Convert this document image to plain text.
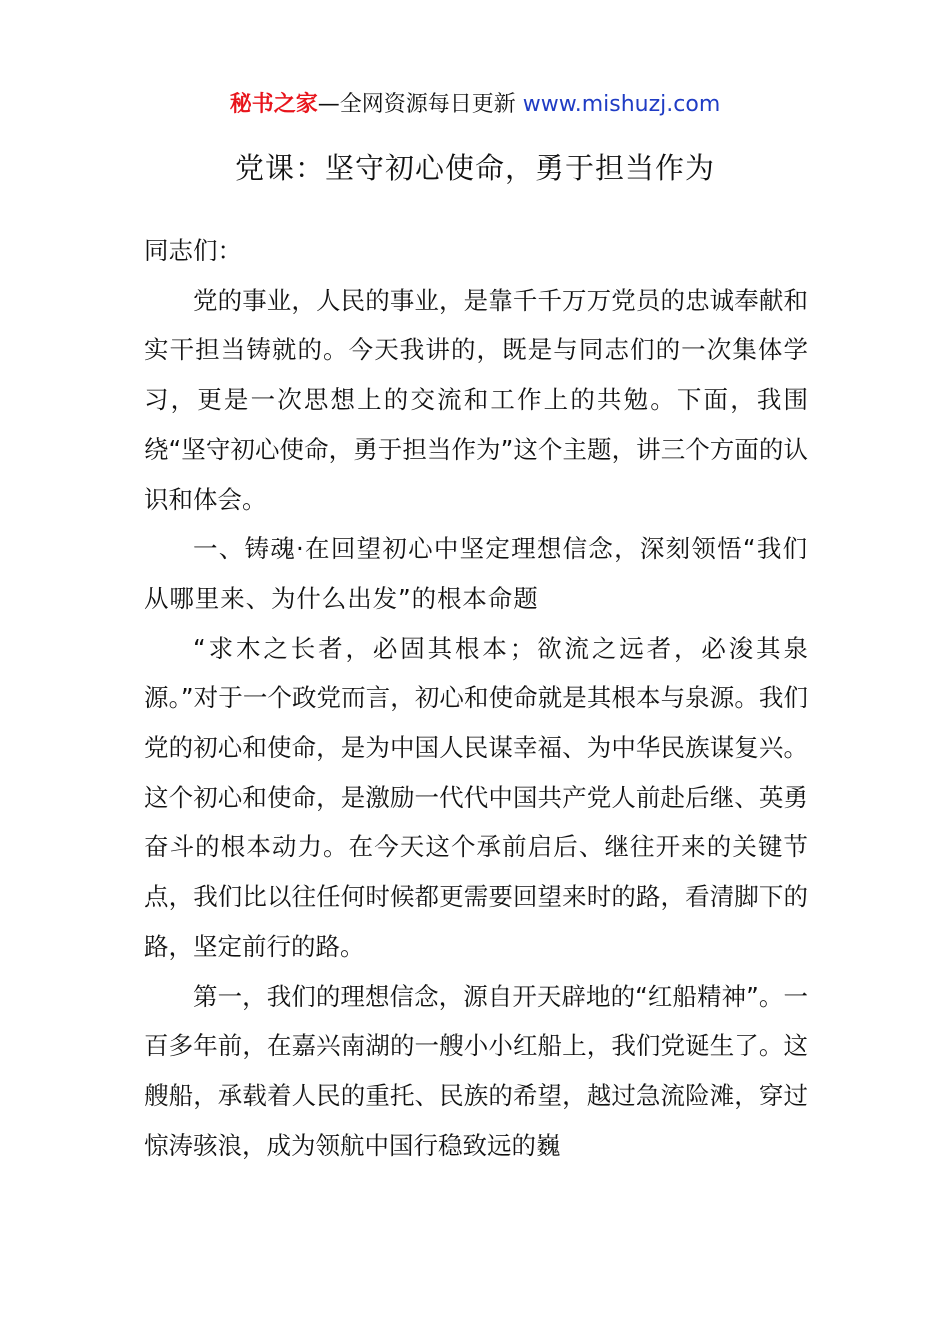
秘书之家—全网资源每日更新 www.mishuzj.com
党课：坚守初心使命，勇于担当作为

同志们：

党的事业，人民的事业，是靠千千万万党员的忠诚奉献和实干担当铸就的。今天我讲的，既是与同志们的一次集体学习，更是一次思想上的交流和工作上的共勉。下面，我围绕“坚守初心使命，勇于担当作为”这个主题，讲三个方面的认识和体会。

一、铸魂·在回望初心中坚定理想信念，深刻领悟“我们从哪里来、为什么出发”的根本命题

“求木之长者，必固其根本；欲流之远者，必浚其泉源。”对于一个政党而言，初心和使命就是其根本与泉源。我们党的初心和使命，是为中国人民谋幸福、为中华民族谋复兴。这个初心和使命，是激励一代代中国共产党人前赴后继、英勇奋斗的根本动力。在今天这个承前启后、继往开来的关键节点，我们比以往任何时候都更需要回望来时的路，看清脚下的路，坚定前行的路。

第一，我们的理想信念，源自开天辟地的“红船精神”。一百多年前，在嘉兴南湖的一艘小小红船上，我们党诞生了。这艘船，承载着人民的重托、民族的希望，越过急流险滩，穿过惊涛骇浪，成为领航中国行稳致远的巍
